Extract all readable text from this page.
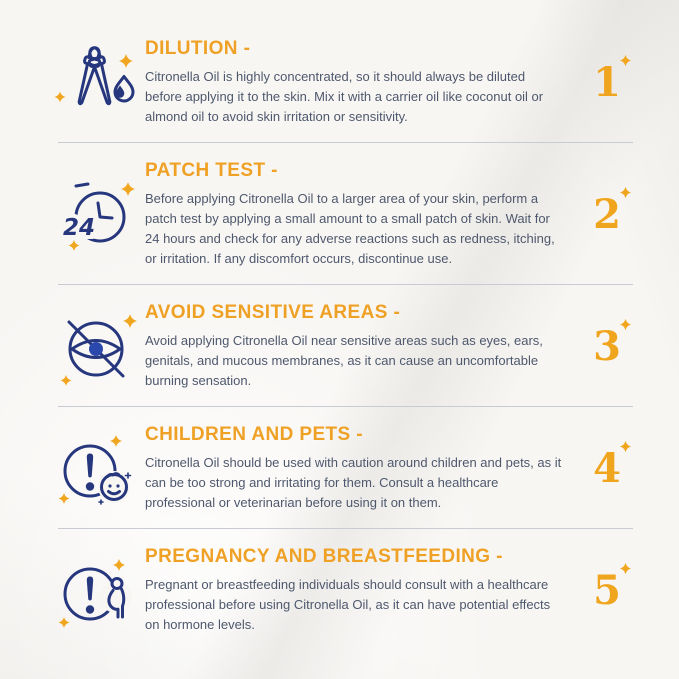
DILUTION -

Citronella Oil is highly concentrated, so it should always be diluted before applying it to the skin. Mix it with a carrier oil like coconut oil or almond oil to avoid skin irritation or sensitivity.

1
24
PATCH TEST -

Before applying Citronella Oil to a larger area of your skin, perform a patch test by applying a small amount to a small patch of skin. Wait for 24 hours and check for any adverse reactions such as redness, itching, or irritation. If any discomfort occurs, discontinue use.

2
AVOID SENSITIVE AREAS -

Avoid applying Citronella Oil near sensitive areas such as eyes, ears, genitals, and mucous membranes, as it can cause an uncomfortable burning sensation.

3
CHILDREN AND PETS -

Citronella Oil should be used with caution around children and pets, as it can be too strong and irritating for them. Consult a healthcare professional or veterinarian before using it on them.

4
PREGNANCY AND BREASTFEEDING -

Pregnant or breastfeeding individuals should consult with a healthcare professional before using Citronella Oil, as it can have potential effects on hormone levels.

5
